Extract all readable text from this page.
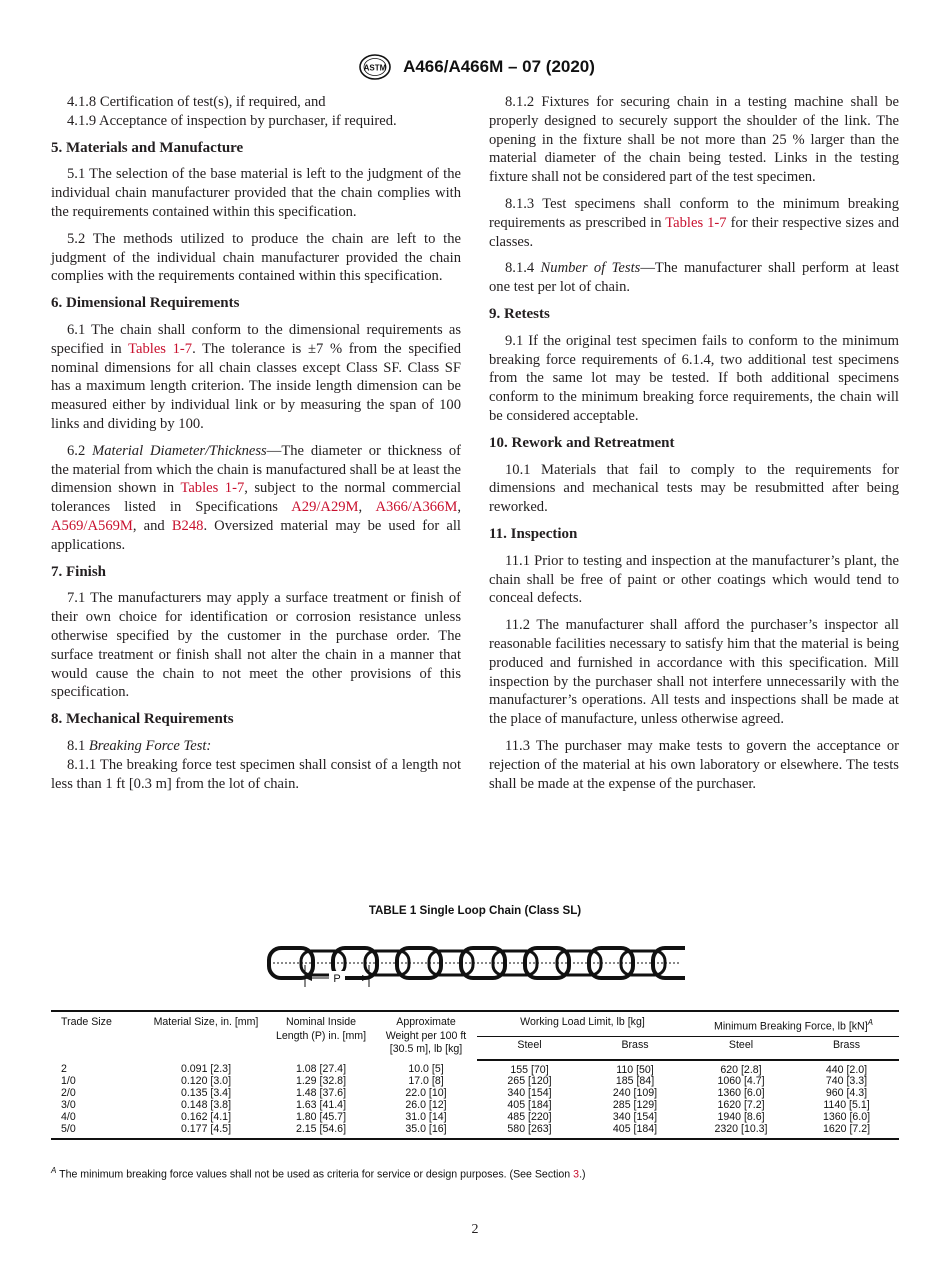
ASTM A466/A466M – 07 (2020)

4.1.8 Certification of test(s), if required, and

4.1.9 Acceptance of inspection by purchaser, if required.

5. Materials and Manufacture

5.1 The selection of the base material is left to the judgment of the individual chain manufacturer provided that the chain complies with the requirements contained within this specification.

5.2 The methods utilized to produce the chain are left to the judgment of the individual chain manufacturer provided the chain complies with the requirements contained within this specification.

6. Dimensional Requirements

6.1 The chain shall conform to the dimensional requirements as specified in Tables 1-7. The tolerance is ±7 % from the specified nominal dimensions for all chain classes except Class SF. Class SF has a maximum length criterion. The inside length dimension can be measured either by individual link or by measuring the span of 100 links and dividing by 100.

6.2 Material Diameter/Thickness—The diameter or thickness of the material from which the chain is manufactured shall be at least the dimension shown in Tables 1-7, subject to the normal commercial tolerances listed in Specifications A29/A29M, A366/A366M, A569/A569M, and B248. Oversized material may be used for all applications.

7. Finish

7.1 The manufacturers may apply a surface treatment or finish of their own choice for identification or corrosion resistance unless otherwise specified by the customer in the purchase order. The surface treatment or finish shall not alter the chain in a manner that would cause the chain to not meet the other provisions of this specification.

8. Mechanical Requirements

8.1 Breaking Force Test:

8.1.1 The breaking force test specimen shall consist of a length not less than 1 ft [0.3 m] from the lot of chain.

8.1.2 Fixtures for securing chain in a testing machine shall be properly designed to securely support the shoulder of the link. The opening in the fixture shall be not more than 25 % larger than the material diameter of the chain being tested. Links in the testing fixture shall not be considered part of the test specimen.

8.1.3 Test specimens shall conform to the minimum breaking requirements as prescribed in Tables 1-7 for their respective sizes and classes.

8.1.4 Number of Tests—The manufacturer shall perform at least one test per lot of chain.

9. Retests

9.1 If the original test specimen fails to conform to the minimum breaking force requirements of 6.1.4, two additional test specimens from the same lot may be tested. If both additional specimens conform to the minimum breaking force requirements, the chain will be considered acceptable.

10. Rework and Retreatment

10.1 Materials that fail to comply to the requirements for dimensions and mechanical tests may be resubmitted after being reworked.

11. Inspection

11.1 Prior to testing and inspection at the manufacturer’s plant, the chain shall be free of paint or other coatings which would tend to conceal defects.

11.2 The manufacturer shall afford the purchaser’s inspector all reasonable facilities necessary to satisfy him that the material is being produced and furnished in accordance with this specification. Mill inspection by the purchaser shall not interfere unnecessarily with the manufacturer’s operations. All tests and inspections shall be made at the place of manufacture, unless otherwise agreed.

11.3 The purchaser may make tests to govern the acceptance or rejection of the material at his own laboratory or elsewhere. The tests shall be made at the expense of the purchaser.

TABLE 1 Single Loop Chain (Class SL)
P
Trade Size	Material Size, in. [mm]	Nominal Inside Length (P) in. [mm]	Approximate Weight per 100 ft [30.5 m], lb [kg]	Working Load Limit, lb [kg]		Minimum Breaking Force, lb [kN]$^A$
				Steel	Brass	Steel	Brass
2	0.091 [2.3]	1.08 [27.4]	10.0 [5]	155 [70]	110 [50]	620 [2.8]	440 [2.0]
1/0	0.120 [3.0]	1.29 [32.8]	17.0 [8]	265 [120]	185 [84]	1060 [4.7]	740 [3.3]
2/0	0.135 [3.4]	1.48 [37.6]	22.0 [10]	340 [154]	240 [109]	1360 [6.0]	960 [4.3]
3/0	0.148 [3.8]	1.63 [41.4]	26.0 [12]	405 [184]	285 [129]	1620 [7.2]	1140 [5.1]
4/0	0.162 [4.1]	1.80 [45.7]	31.0 [14]	485 [220]	340 [154]	1940 [8.6]	1360 [6.0]
5/0	0.177 [4.5]	2.15 [54.6]	35.0 [16]	580 [263]	405 [184]	2320 [10.3]	1620 [7.2]
$^A$ The minimum breaking force values shall not be used as criteria for service or design purposes. (See Section 3.)
2
